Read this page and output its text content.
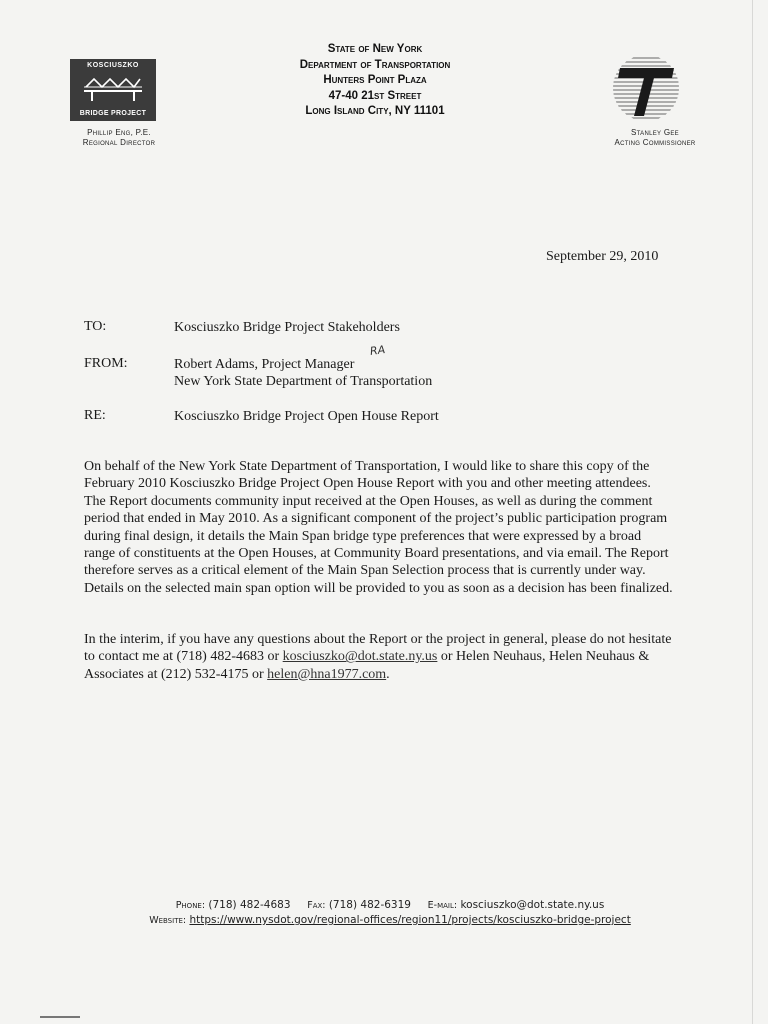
KOSCIUSZKO
BRIDGE PROJECT
Phillip Eng, P.E.
Regional Director
State of New York
Department of Transportation
Hunters Point Plaza
47-40 21st Street
Long Island City, NY 11101
Stanley Gee
Acting Commissioner
September 29, 2010
TO:	Kosciuszko Bridge Project Stakeholders
FROM:	Robert Adams, Project Manager
New York State Department of Transportation
RA
RE:	Kosciuszko Bridge Project Open House Report
On behalf of the New York State Department of Transportation, I would like to share this copy of the February 2010 Kosciuszko Bridge Project Open House Report with you and other meeting attendees. The Report documents community input received at the Open Houses, as well as during the comment period that ended in May 2010. As a significant component of the project’s public participation program during final design, it details the Main Span bridge type preferences that were expressed by a broad range of constituents at the Open Houses, at Community Board presentations, and via email. The Report therefore serves as a critical element of the Main Span Selection process that is currently under way. Details on the selected main span option will be provided to you as soon as a decision has been finalized.
In the interim, if you have any questions about the Report or the project in general, please do not hesitate to contact me at (718) 482-4683 or kosciuszko@dot.state.ny.us or Helen Neuhaus, Helen Neuhaus & Associates at (212) 532-4175 or helen@hna1977.com.
Phone: (718) 482-4683 Fax: (718) 482-6319 E-mail: kosciuszko@dot.state.ny.us
Website: https://www.nysdot.gov/regional-offices/region11/projects/kosciuszko-bridge-project
